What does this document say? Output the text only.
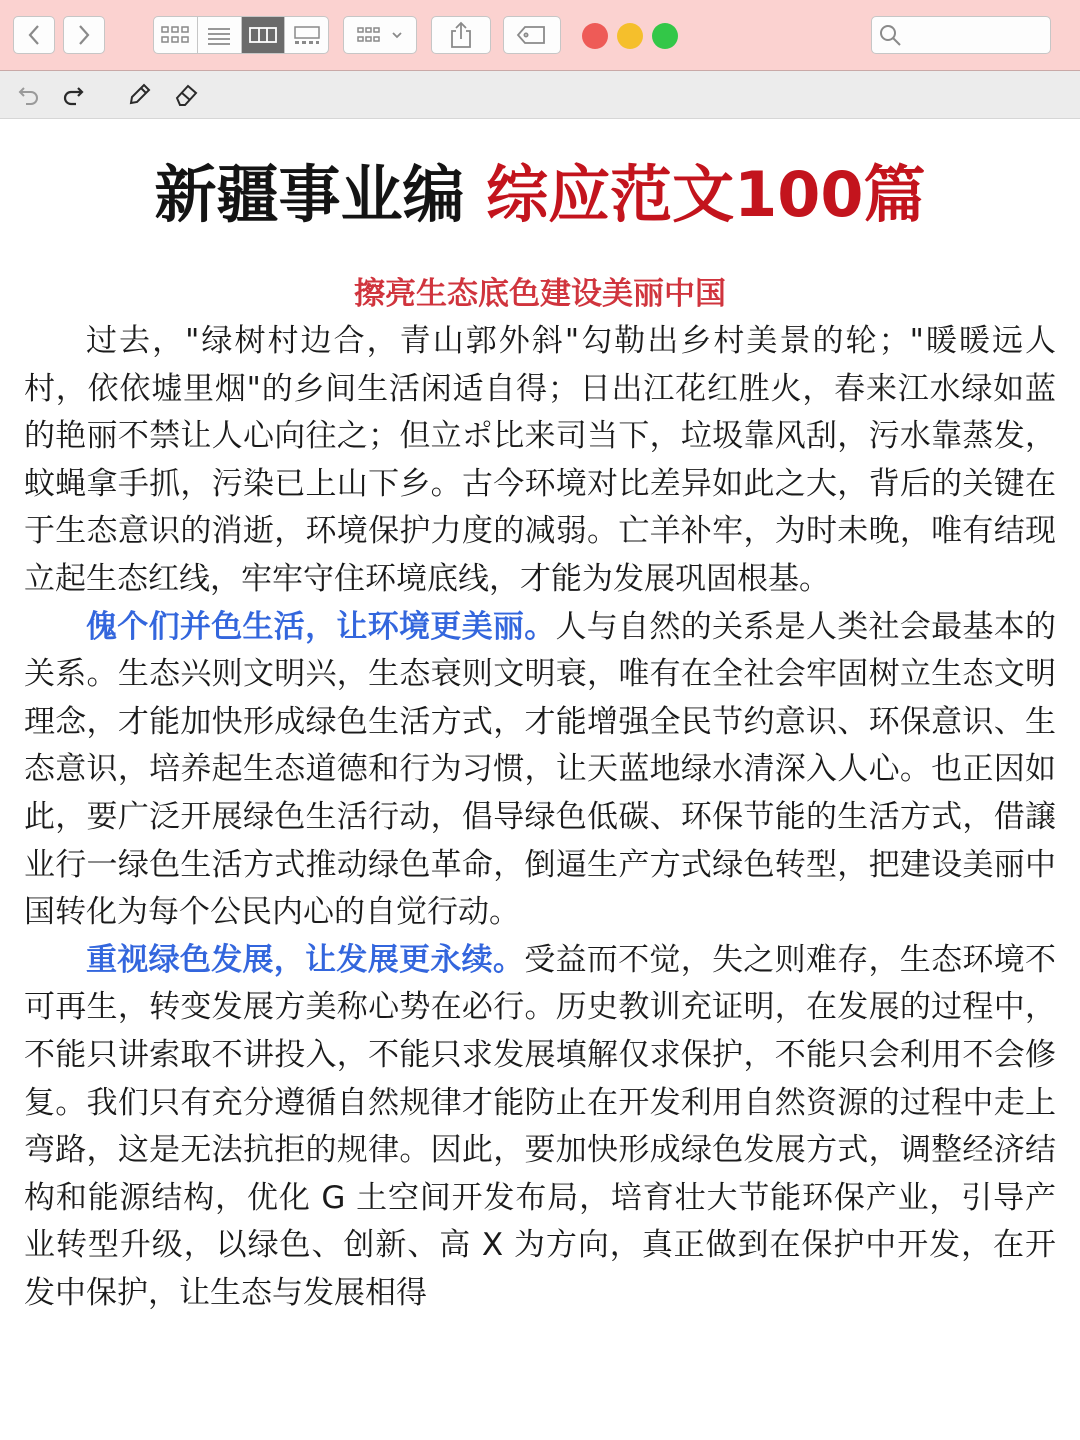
新疆事业编 综应范文100篇
擦亮生态底色建设美丽中国

过去，"绿树村边合，青山郭外斜"勾勒出乡村美景的轮；"暖暖远人村，依依墟里烟"的乡间生活闲适自得；日出江花红胜火，春来江水绿如蓝的艳丽不禁让人心向往之；但立ポ比来司当下，垃圾靠风刮，污水靠蒸发，蚊蝇拿手抓，污染已上山下乡。古今环境对比差异如此之大，背后的关键在于生态意识的消逝，环境保护力度的减弱。亡羊补牢，为时未晚，唯有结现立起生态红线，牢牢守住环境底线，才能为发展巩固根基。

傀个们并色生活，让环境更美丽。人与自然的关系是人类社会最基本的关系。生态兴则文明兴，生态衰则文明衰，唯有在全社会牢固树立生态文明理念，才能加快形成绿色生活方式，才能增强全民节约意识、环保意识、生态意识，培养起生态道德和行为习惯，让天蓝地绿水清深入人心。也正因如此，要广泛开展绿色生活行动，倡导绿色低碳、环保节能的生活方式，借譲业行一绿色生活方式推动绿色革命，倒逼生产方式绿色转型，把建设美丽中国转化为每个公民内心的自觉行动。

重视绿色发展，让发展更永续。受益而不觉，失之则难存，生态环境不可再生，转变发展方美称心势在必行。历史教训充证明，在发展的过程中，不能只讲索取不讲投入，不能只求发展填解仅求保护，不能只会利用不会修复。我们只有充分遵循自然规律才能防止在开发利用自然资源的过程中走上弯路，这是无法抗拒的规律。因此，要加快形成绿色发展方式，调整经济结构和能源结构，优化 G 土空间开发布局，培育壮大节能环保产业，引导产业转型升级，以绿色、创新、高 X 为方向，真正做到在保护中开发，在开发中保护，让生态与发展相得
